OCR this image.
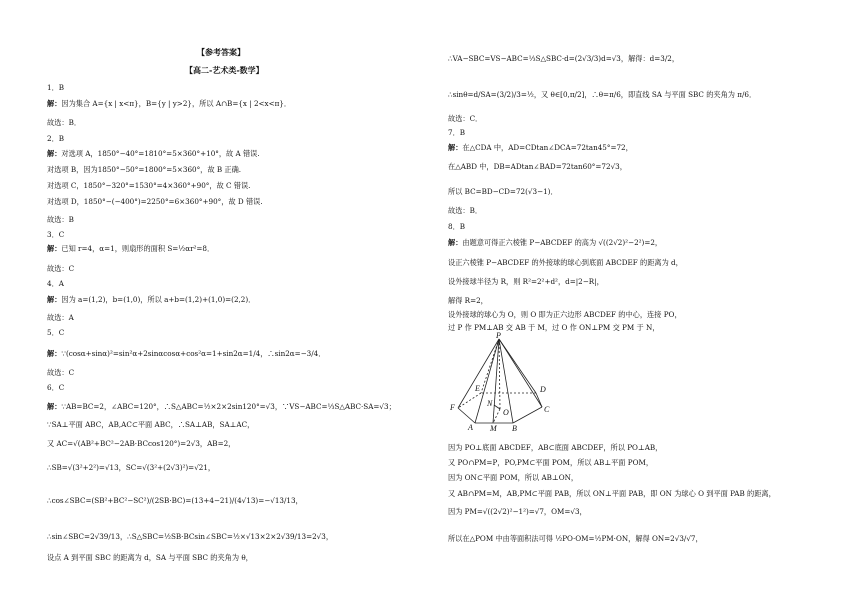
【参考答案】
【高二-艺术类-数学】
1．B
解：因为集合 A={x | x<π}，B={y | y>2}，所以 A∩B={x | 2<x<π}．
故选：B．
2．B
解：对选项 A，1850°−40°=1810°=5×360°+10°，故 A 错误.
对选项 B，因为1850°−50°=1800°=5×360°，故 B 正确.
对选项 C，1850°−320°=1530°=4×360°+90°，故 C 错误.
对选项 D，1850°−(−400°)=2250°=6×360°+90°，故 D 错误.
故选：B
3．C
解：已知 r=4，α=1，则扇形的面积 S=½αr²=8．
故选：C
4．A
解：因为 a=(1,2)，b=(1,0)，所以 a+b=(1,2)+(1,0)=(2,2)．
故选：A
5．C
解：∵(cosα+sinα)²=sin²α+2sinαcosα+cos²α=1+sin2α=1/4，∴sin2α=−3/4．
故选：C
6．C
解：∵AB=BC=2，∠ABC=120°，∴S△ABC=½×2×2sin120°=√3，∵VS−ABC=⅓S△ABC·SA=√3；
∵SA⊥平面 ABC，AB,AC⊂平面 ABC，∴SA⊥AB，SA⊥AC，
又 AC=√(AB²+BC²−2AB·BCcos120°)=2√3，AB=2，
∴SB=√(3²+2²)=√13，SC=√(3²+(2√3)²)=√21，
∴cos∠SBC=(SB²+BC²−SC²)/(2SB·BC)=(13+4−21)/(4√13)=−√13/13，
∴sin∠SBC=2√39/13，∴S△SBC=½SB·BCsin∠SBC=½×√13×2×2√39/13=2√3，
设点 A 到平面 SBC 的距离为 d，SA 与平面 SBC 的夹角为 θ，
∴VA−SBC=VS−ABC=⅓S△SBC·d=(2√3/3)d=√3，解得：d=3/2，
∴sinθ=d/SA=(3/2)/3=½，又 θ∈[0,π/2]，∴θ=π/6，即直线 SA 与平面 SBC 的夹角为 π/6．
故选：C．
7．B
解：在△CDA 中，AD=CDtan∠DCA=72tan45°=72，
在△ABD 中，DB=ADtan∠BAD=72tan60°=72√3，
所以 BC=BD−CD=72(√3−1)．
故选：B．
8．B
解：由题意可得正六棱锥 P−ABCDEF 的高为 √((2√2)²−2²)=2，
设正六棱锥 P−ABCDEF 的外接球的球心到底面 ABCDEF 的距离为 d，
设外接球半径为 R，则 R²=2²+d²，d=|2−R|，
解得 R=2，
设外接球的球心为 O，则 O 即为正六边形 ABCDEF 的中心，连接 PO，
过 P 作 PM⊥AB 交 AB 于 M，过 O 作 ON⊥PM 交 PM 于 N，
P
E	D
F	N
O	C
A M B
因为 PO⊥底面 ABCDEF，AB⊂底面 ABCDEF，所以 PO⊥AB，
又 PO∩PM=P，PO,PM⊂平面 POM，所以 AB⊥平面 POM，
因为 ON⊂平面 POM，所以 AB⊥ON，
又 AB∩PM=M，AB,PM⊂平面 PAB，所以 ON⊥平面 PAB，即 ON 为球心 O 到平面 PAB 的距离，
因为 PM=√((2√2)²−1²)=√7，OM=√3，
所以在△POM 中由等面积法可得 ½PO·OM=½PM·ON，解得 ON=2√3/√7，
